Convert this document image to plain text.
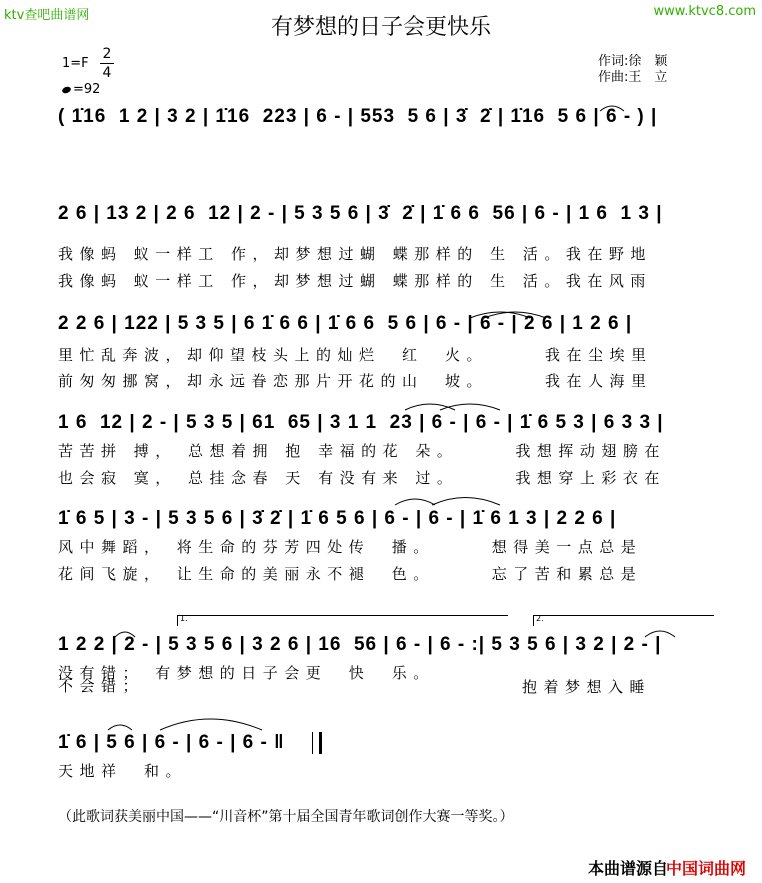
ktv查吧曲谱网	www.ktvc8.com
有梦想的日子会更快乐
1=F
2
4
=92
作词:徐　颖
作曲:王　立
( 1̇16  1 2 | 3 2 | 1̇16  223 | 6 - | 553  5 6 | 3̇  2̇ | 1̇16  5 6 | 6 - ) |
2 6 | 13 2 | 2 6  12 | 2 - | 5 3 5 6 | 3̇  2̇ | 1̇ 6 6  56 | 6 - | 1 6  1 3 |
我像蚂 蚁一样工 作，却梦想过蝴 蝶那样的 生 活。我在野地
我像蚂 蚁一样工 作，却梦想过蝴 蝶那样的 生 活。我在风雨
2 2 6 | 122 | 5 3 5 | 6 1̇ 6 6 | 1̇ 6 6  5 6 | 6 - | 6 - | 2 6 | 1 2 6 |
里忙乱奔波，却仰望枝头上的灿烂　红　火。　　　我在尘埃里
前匆匆挪窝，却永远眷恋那片开花的山　坡。　　　我在人海里
1 6  12 | 2 - | 5 3 5 | 61  65 | 3 1 1  23 | 6 - | 6 - | 1̇ 6 5 3 | 6 3 3 |
苦苦拼 搏， 总想着拥 抱 幸福的花 朵。　　　我想挥动翅膀在
也会寂 寞， 总挂念春 天 有没有来 过。　　　我想穿上彩衣在
1̇ 6 5 | 3 - | 5 3 5 6 | 3̇ 2̇ | 1̇ 6 5 6 | 6 - | 6 - | 1̇ 6 1 3 | 2 2 6 |
风中舞蹈， 将生命的芬芳四处传　播。　　　想得美一点总是
花间飞旋， 让生命的美丽永不褪　色。　　　忘了苦和累总是
1.	2.
1 2 2 | 2 - | 5 3 5 6 | 3 2 6 | 16  56 | 6 - | 6 - :| 5 3 5 6 | 3 2 | 2 - |
没有错； 有梦想的日子会更　快　乐。
不会错；	抱着梦想入睡
1̇ 6 | 5 6 | 6 - | 6 - | 6 - ‖
天地祥　和。
（此歌词获美丽中国——“川音杯”第十届全国青年歌词创作大赛一等奖。）
本曲谱源自
中国词曲网
